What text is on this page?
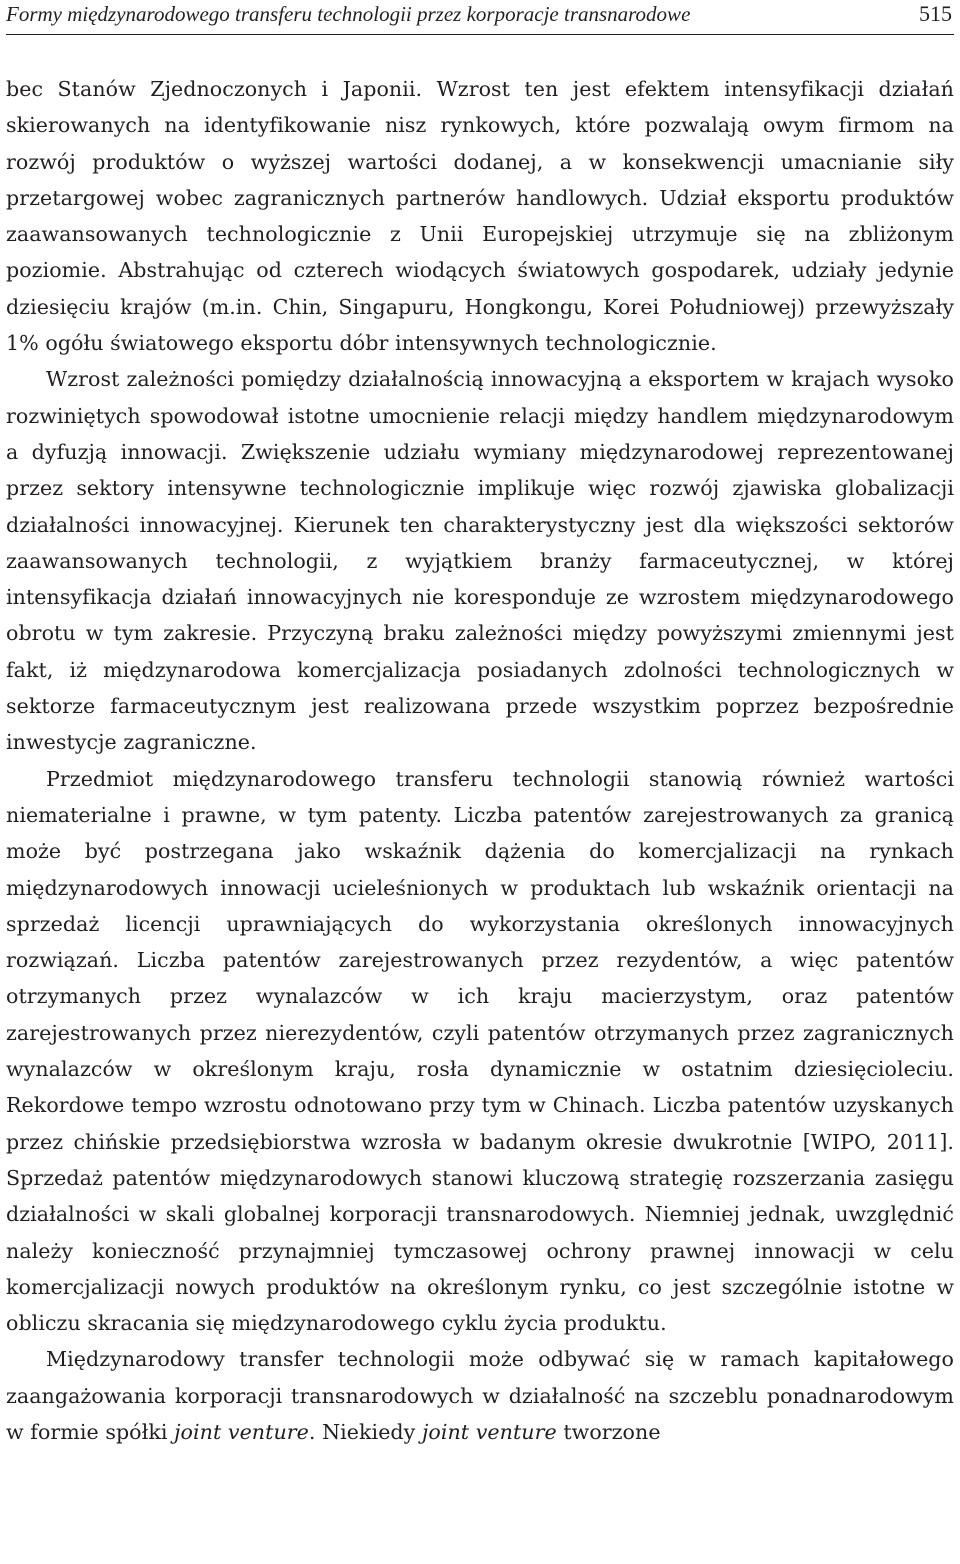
Formy międzynarodowego transferu technologii przez korporacje transnarodowe	515

bec Stanów Zjednoczonych i Japonii. Wzrost ten jest efektem intensyfikacji działań skierowanych na identyfikowanie nisz rynkowych, które pozwalają owym firmom na rozwój produktów o wyższej wartości dodanej, a w konsekwencji umacnianie siły przetargowej wobec zagranicznych partnerów handlowych. Udział eksportu produktów zaawansowanych technologicznie z Unii Europejskiej utrzymuje się na zbliżonym poziomie. Abstrahując od czterech wiodących światowych gospodarek, udziały jedynie dziesięciu krajów (m.in. Chin, Singapuru, Hongkongu, Korei Południowej) przewyższały 1% ogółu światowego eksportu dóbr intensywnych technologicznie.

Wzrost zależności pomiędzy działalnością innowacyjną a eksportem w krajach wysoko rozwiniętych spowodował istotne umocnienie relacji między handlem międzynarodowym a dyfuzją innowacji. Zwiększenie udziału wymiany międzynarodowej reprezentowanej przez sektory intensywne technologicznie implikuje więc rozwój zjawiska globalizacji działalności innowacyjnej. Kierunek ten charakterystyczny jest dla większości sektorów zaawansowanych technologii, z wyjątkiem branży farmaceutycznej, w której intensyfikacja działań innowacyjnych nie koresponduje ze wzrostem międzynarodowego obrotu w tym zakresie. Przyczyną braku zależności między powyższymi zmiennymi jest fakt, iż międzynarodowa komercjalizacja posiadanych zdolności technologicznych w sektorze farmaceutycznym jest realizowana przede wszystkim poprzez bezpośrednie inwestycje zagraniczne.

Przedmiot międzynarodowego transferu technologii stanowią również wartości niematerialne i prawne, w tym patenty. Liczba patentów zarejestrowanych za granicą może być postrzegana jako wskaźnik dążenia do komercjalizacji na rynkach międzynarodowych innowacji ucieleśnionych w produktach lub wskaźnik orientacji na sprzedaż licencji uprawniających do wykorzystania określonych innowacyjnych rozwiązań. Liczba patentów zarejestrowanych przez rezydentów, a więc patentów otrzymanych przez wynalazców w ich kraju macierzystym, oraz patentów zarejestrowanych przez nierezydentów, czyli patentów otrzymanych przez zagranicznych wynalazców w określonym kraju, rosła dynamicznie w ostatnim dziesięcioleciu. Rekordowe tempo wzrostu odnotowano przy tym w Chinach. Liczba patentów uzyskanych przez chińskie przedsiębiorstwa wzrosła w badanym okresie dwukrotnie [WIPO, 2011]. Sprzedaż patentów międzynarodowych stanowi kluczową strategię rozszerzania zasięgu działalności w skali globalnej korporacji transnarodowych. Niemniej jednak, uwzględnić należy konieczność przynajmniej tymczasowej ochrony prawnej innowacji w celu komercjalizacji nowych produktów na określonym rynku, co jest szczególnie istotne w obliczu skracania się międzynarodowego cyklu życia produktu.

Międzynarodowy transfer technologii może odbywać się w ramach kapitałowego zaangażowania korporacji transnarodowych w działalność na szczeblu ponadnarodowym w formie spółki joint venture. Niekiedy joint venture tworzone
